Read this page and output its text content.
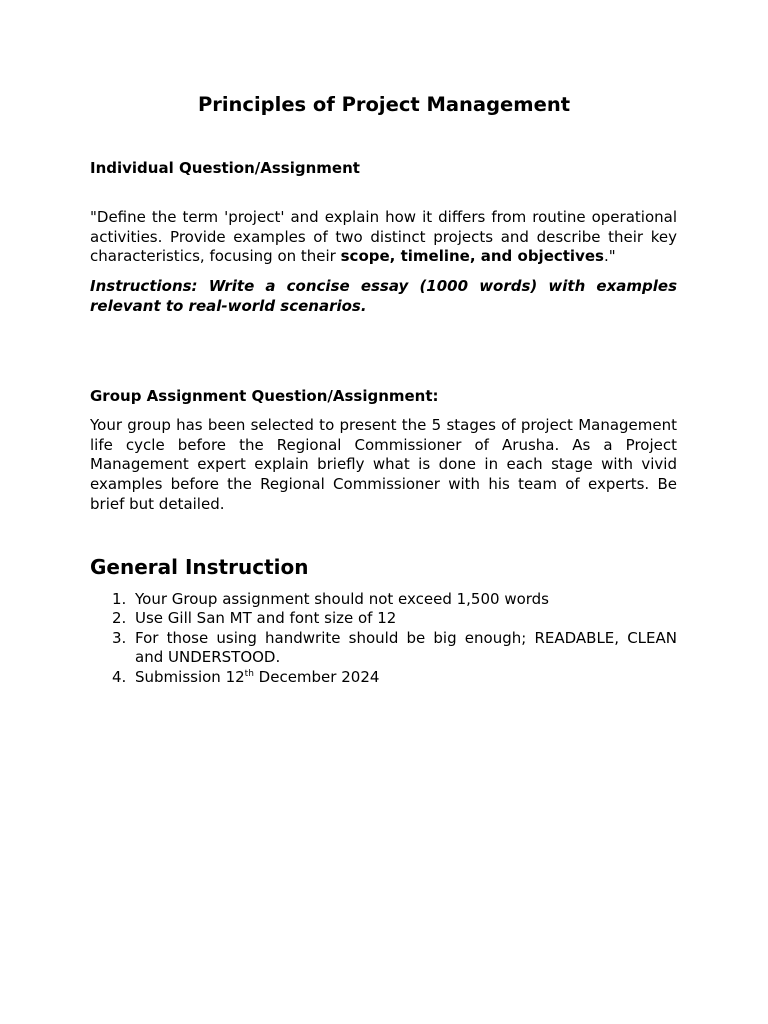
Principles of Project Management
Individual Question/Assignment

"Define the term 'project' and explain how it differs from routine operational activities. Provide examples of two distinct projects and describe their key characteristics, focusing on their scope, timeline, and objectives."

Instructions: Write a concise essay (1000 words) with examples relevant to real-world scenarios.

Group Assignment Question/Assignment:

Your group has been selected to present the 5 stages of project Management life cycle before the Regional Commissioner of Arusha. As a Project Management expert explain briefly what is done in each stage with vivid examples before the Regional Commissioner with his team of experts. Be brief but detailed.

General Instruction
1. Your Group assignment should not exceed 1,500 words
2. Use Gill San MT and font size of 12
3. For those using handwrite should be big enough; READABLE, CLEAN and UNDERSTOOD.
4. Submission 12th December 2024
